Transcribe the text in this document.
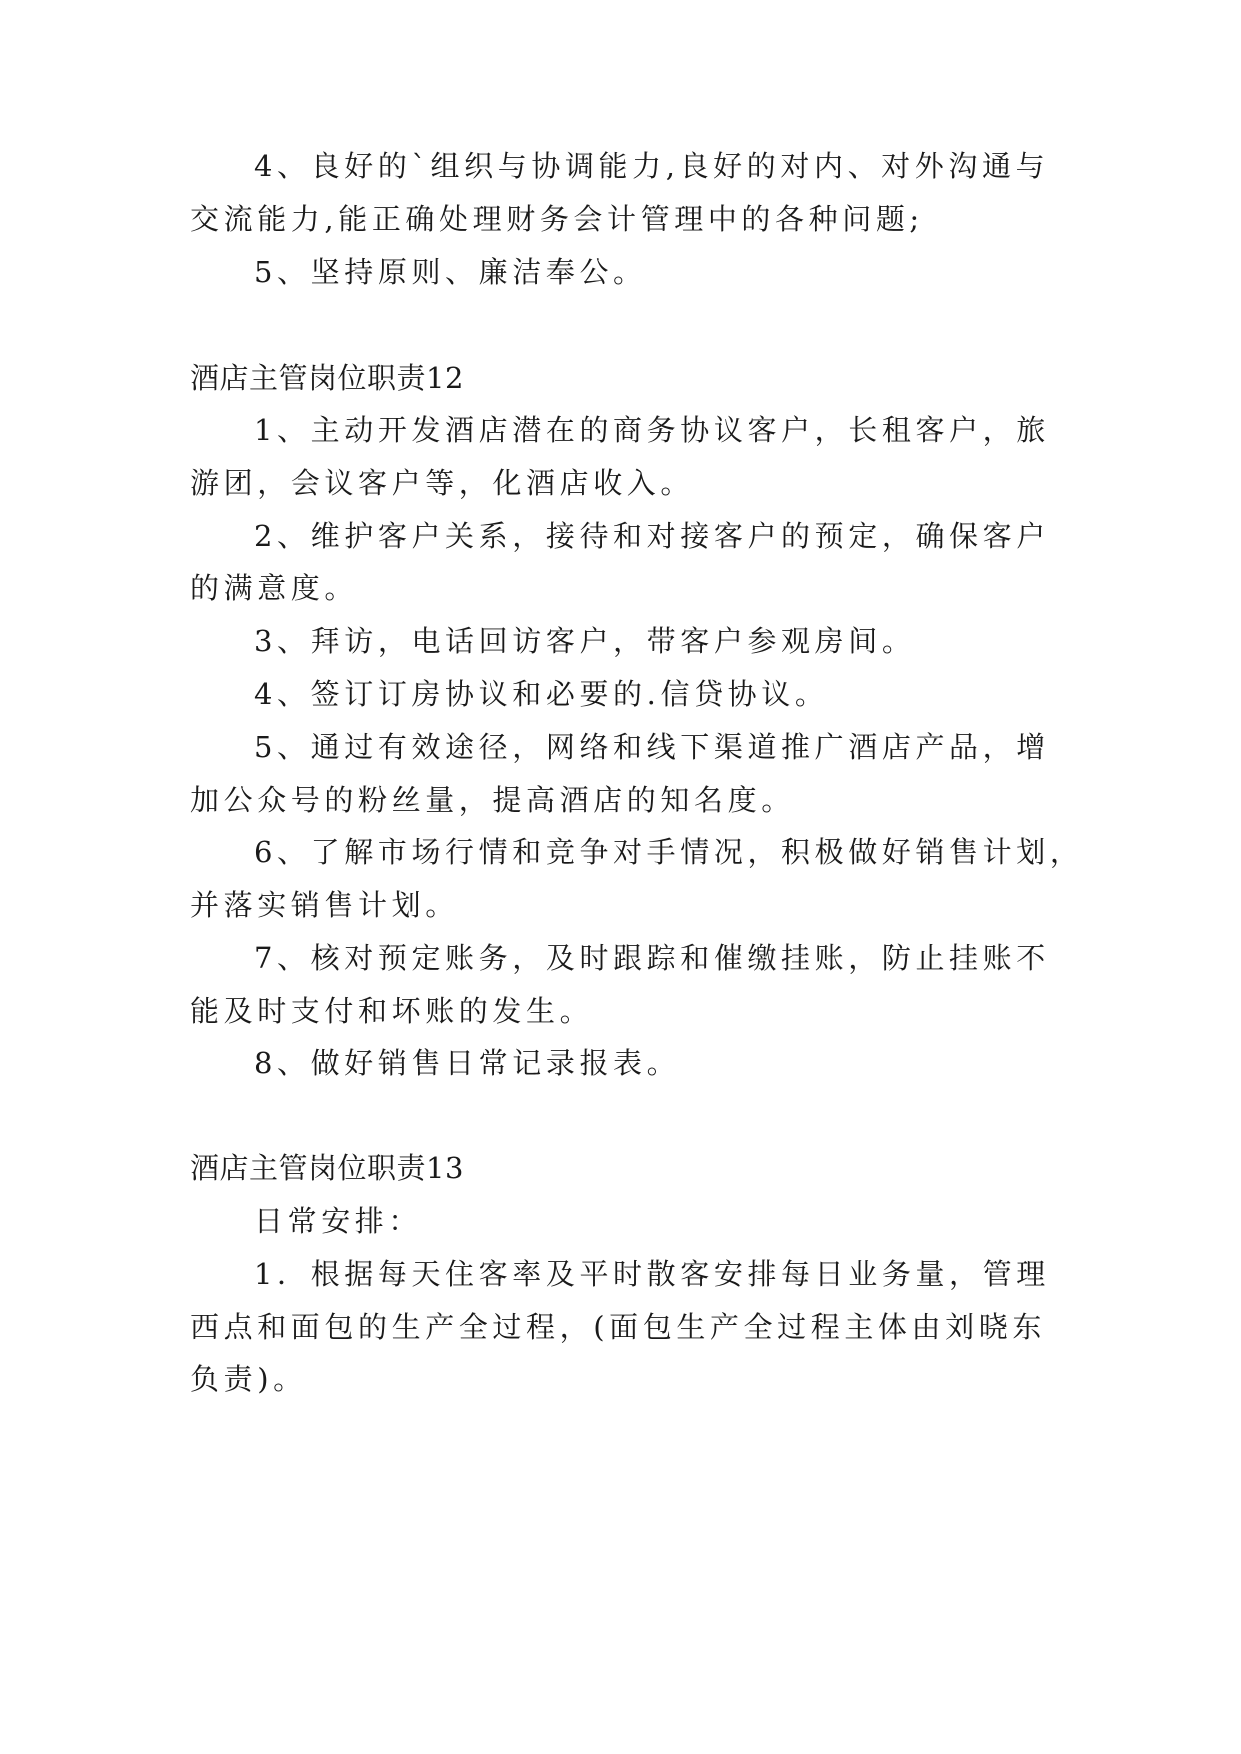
4、良好的`组织与协调能力,良好的对内、对外沟通与
交流能力,能正确处理财务会计管理中的各种问题;
5、坚持原则、廉洁奉公。
酒店主管岗位职责12
1、主动开发酒店潜在的商务协议客户，长租客户，旅
游团，会议客户等，化酒店收入。
2、维护客户关系，接待和对接客户的预定，确保客户
的满意度。
3、拜访，电话回访客户，带客户参观房间。
4、签订订房协议和必要的.信贷协议。
5、通过有效途径，网络和线下渠道推广酒店产品，增
加公众号的粉丝量，提高酒店的知名度。
6、了解市场行情和竞争对手情况，积极做好销售计划，
并落实销售计划。
7、核对预定账务，及时跟踪和催缴挂账，防止挂账不
能及时支付和坏账的发生。
8、做好销售日常记录报表。
酒店主管岗位职责13
日常安排：
1．根据每天住客率及平时散客安排每日业务量，管理
西点和面包的生产全过程，(面包生产全过程主体由刘晓东
负责)。
